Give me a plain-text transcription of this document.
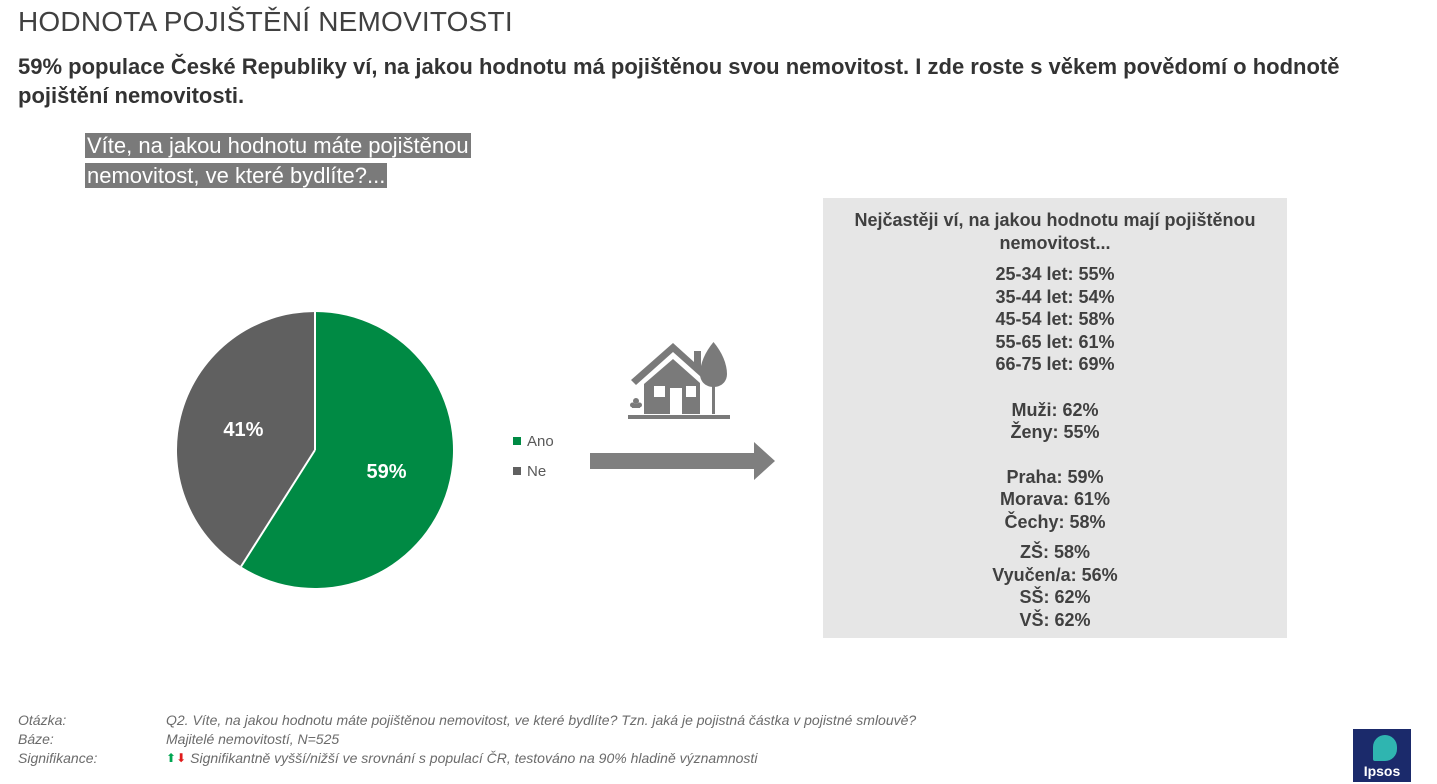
HODNOTA POJIŠTĚNÍ NEMOVITOSTI

59% populace České Republiky ví, na jakou hodnotu má pojištěnou svou nemovitost. I zde roste s věkem povědomí o hodnotě pojištění nemovitosti.

Víte, na jakou hodnotu máte pojištěnou
nemovitost, ve které bydlíte?...
59%
41%	Ano
Ne
Nejčastěji ví, na jakou hodnotu mají pojištěnou nemovitost...
25-34 let: 55%
35-44 let: 54%
45-54 let: 58%
55-65 let: 61%
66-75 let: 69%
Muži: 62%
Ženy: 55%
Praha: 59%
Morava: 61%
Čechy: 58%
ZŠ: 58%
Vyučen/a: 56%
SŠ: 62%
VŠ: 62%
Otázka:	Q2. Víte, na jakou hodnotu máte pojištěnou nemovitost, ve které bydlíte? Tzn. jaká je pojistná částka v pojistné smlouvě?
Báze:	Majitelé nemovitostí, N=525
Signifikance:	⬆⬇ Signifikantně vyšší/nižší ve srovnání s populací ČR, testováno na 90% hladině významnosti
Ipsos
